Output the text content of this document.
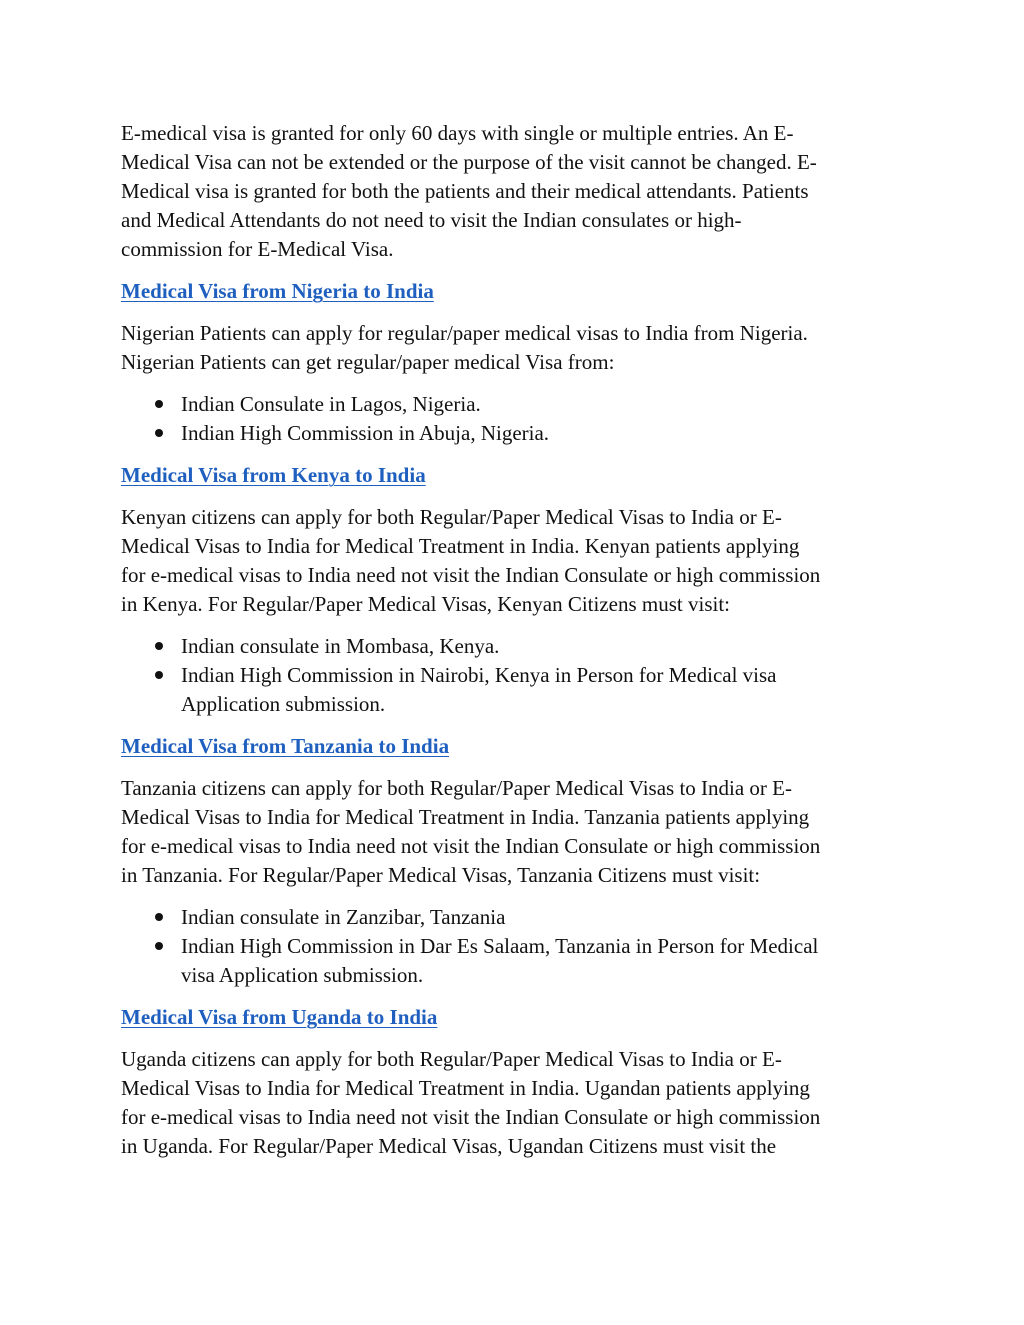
E-medical visa is granted for only 60 days with single or multiple entries. An E-
Medical Visa can not be extended or the purpose of the visit cannot be changed. E-
Medical visa is granted for both the patients and their medical attendants. Patients
and Medical Attendants do not need to visit the Indian consulates or high-
commission for E-Medical Visa.

Medical Visa from Nigeria to India

Nigerian Patients can apply for regular/paper medical visas to India from Nigeria.
Nigerian Patients can get regular/paper medical Visa from:

Indian Consulate in Lagos, Nigeria.
Indian High Commission in Abuja, Nigeria.
Medical Visa from Kenya to India

Kenyan citizens can apply for both Regular/Paper Medical Visas to India or E-
Medical Visas to India for Medical Treatment in India. Kenyan patients applying
for e-medical visas to India need not visit the Indian Consulate or high commission
in Kenya. For Regular/Paper Medical Visas, Kenyan Citizens must visit:

Indian consulate in Mombasa, Kenya.
Indian High Commission in Nairobi, Kenya in Person for Medical visa
Application submission.
Medical Visa from Tanzania to India

Tanzania citizens can apply for both Regular/Paper Medical Visas to India or E-
Medical Visas to India for Medical Treatment in India. Tanzania patients applying
for e-medical visas to India need not visit the Indian Consulate or high commission
in Tanzania. For Regular/Paper Medical Visas, Tanzania Citizens must visit:

Indian consulate in Zanzibar, Tanzania
Indian High Commission in Dar Es Salaam, Tanzania in Person for Medical
visa Application submission.
Medical Visa from Uganda to India

Uganda citizens can apply for both Regular/Paper Medical Visas to India or E-
Medical Visas to India for Medical Treatment in India. Ugandan patients applying
for e-medical visas to India need not visit the Indian Consulate or high commission
in Uganda. For Regular/Paper Medical Visas, Ugandan Citizens must visit the
